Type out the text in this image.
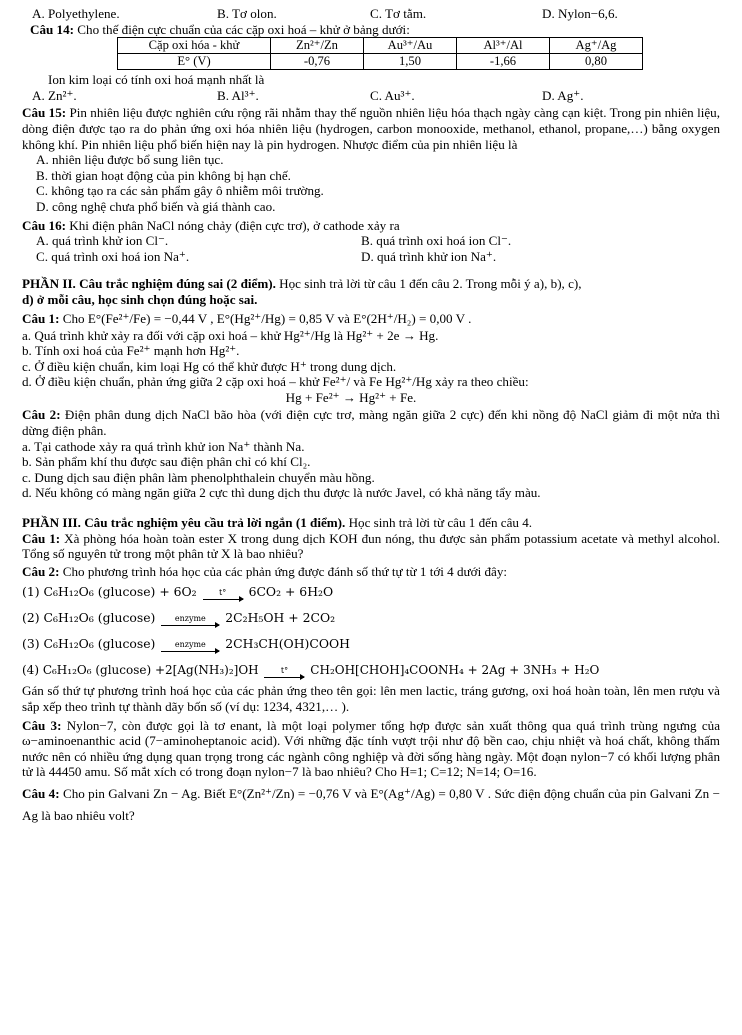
A. Polyethylene.	B. Tơ olon.	C. Tơ tằm.	D. Nylon−6,6.
Câu 14: Cho thế điện cực chuẩn của các cặp oxi hoá – khử ở bảng dưới:
Cặp oxi hóa - khử	Zn²⁺/Zn	Au³⁺/Au	Al³⁺/Al	Ag⁺/Ag
E° (V)	-0,76	1,50	-1,66	0,80
Ion kim loại có tính oxi hoá mạnh nhất là
A. Zn²⁺.	B. Al³⁺.	C. Au³⁺.	D. Ag⁺.

Câu 15: Pin nhiên liệu được nghiên cứu rộng rãi nhằm thay thế nguồn nhiên liệu hóa thạch ngày càng cạn kiệt. Trong pin nhiên liệu, dòng điện được tạo ra do phản ứng oxi hóa nhiên liệu (hydrogen, carbon monooxide, methanol, ethanol, propane,…) bằng oxygen không khí. Pin nhiên liệu phổ biến hiện nay là pin hydrogen. Nhược điểm của pin nhiên liệu là

A. nhiên liệu được bổ sung liên tục.

B. thời gian hoạt động của pin không bị hạn chế.

C. không tạo ra các sản phẩm gây ô nhiễm môi trường.

D. công nghệ chưa phổ biến và giá thành cao.

Câu 16: Khi điện phân NaCl nóng chảy (điện cực trơ), ở cathode xảy ra

A. quá trình khử ion Cl⁻.	B. quá trình oxi hoá ion Cl⁻.
C. quá trình oxi hoá ion Na⁺.	D. quá trình khử ion Na⁺.

PHẦN II. Câu trắc nghiệm đúng sai (2 điểm). Học sinh trả lời từ câu 1 đến câu 2. Trong mỗi ý a), b), c),

d) ở mỗi câu, học sinh chọn đúng hoặc sai.

Câu 1: Cho E°(Fe²⁺/Fe) = −0,44 V , E°(Hg²⁺/Hg) = 0,85 V và E°(2H⁺/H₂) = 0,00 V .

a. Quá trình khử xảy ra đối với cặp oxi hoá – khử Hg²⁺/Hg là Hg²⁺ + 2e → Hg.

b. Tính oxi hoá của Fe²⁺ mạnh hơn Hg²⁺.

c. Ở điều kiện chuẩn, kim loại Hg có thể khử được H⁺ trong dung dịch.

d. Ở điều kiện chuẩn, phản ứng giữa 2 cặp oxi hoá – khử Fe²⁺/ và Fe Hg²⁺/Hg xảy ra theo chiều:

Hg + Fe²⁺ → Hg²⁺ + Fe.

Câu 2: Điện phân dung dịch NaCl bão hòa (với điện cực trơ, màng ngăn giữa 2 cực) đến khi nồng độ NaCl giảm đi một nửa thì dừng điện phân.

a. Tại cathode xảy ra quá trình khử ion Na⁺ thành Na.

b. Sản phẩm khí thu được sau điện phân chỉ có khí Cl₂.

c. Dung dịch sau điện phân làm phenolphthalein chuyển màu hồng.

d. Nếu không có màng ngăn giữa 2 cực thì dung dịch thu được là nước Javel, có khả năng tẩy màu.

PHẦN III. Câu trắc nghiệm yêu cầu trả lời ngắn (1 điểm). Học sinh trả lời từ câu 1 đến câu 4.

Câu 1: Xà phòng hóa hoàn toàn ester X trong dung dịch KOH đun nóng, thu được sản phẩm potassium acetate và methyl alcohol. Tổng số nguyên tử trong một phân tử X là bao nhiêu?

Câu 2: Cho phương trình hóa học của các phản ứng được đánh số thứ tự từ 1 tới 4 dưới đây:

(1) C₆H₁₂O₆ (glucose) + 6O₂	t° 6CO₂ + 6H₂O
(2) C₆H₁₂O₆ (glucose) enzyme 2C₂H₅OH + 2CO₂
(3) C₆H₁₂O₆ (glucose) enzyme 2CH₃CH(OH)COOH
(4) C₆H₁₂O₆ (glucose) +2[Ag(NH₃)₂]OH	t° CH₂OH[CHOH]₄COONH₄ + 2Ag + 3NH₃ + H₂O

Gán số thứ tự phương trình hoá học của các phản ứng theo tên gọi: lên men lactic, tráng gương, oxi hoá hoàn toàn, lên men rượu và sắp xếp theo trình tự thành dãy bốn số (ví dụ: 1234, 4321,… ).

Câu 3: Nylon−7, còn được gọi là tơ enant, là một loại polymer tổng hợp được sản xuất thông qua quá trình trùng ngưng của ω−aminoenanthic acid (7−aminoheptanoic acid). Với những đặc tính vượt trội như độ bền cao, chịu nhiệt và hoá chất, không thấm nước nên có nhiều ứng dụng quan trọng trong các ngành công nghiệp và đời sống hàng ngày. Một đoạn nylon−7 có khối lượng phân tử là 44450 amu. Số mắt xích có trong đoạn nylon−7 là bao nhiêu? Cho H=1; C=12; N=14; O=16.

Câu 4: Cho pin Galvani Zn − Ag. Biết E°(Zn²⁺/Zn) = −0,76 V và E°(Ag⁺/Ag) = 0,80 V . Sức điện động chuẩn của pin Galvani Zn − Ag là bao nhiêu volt?
